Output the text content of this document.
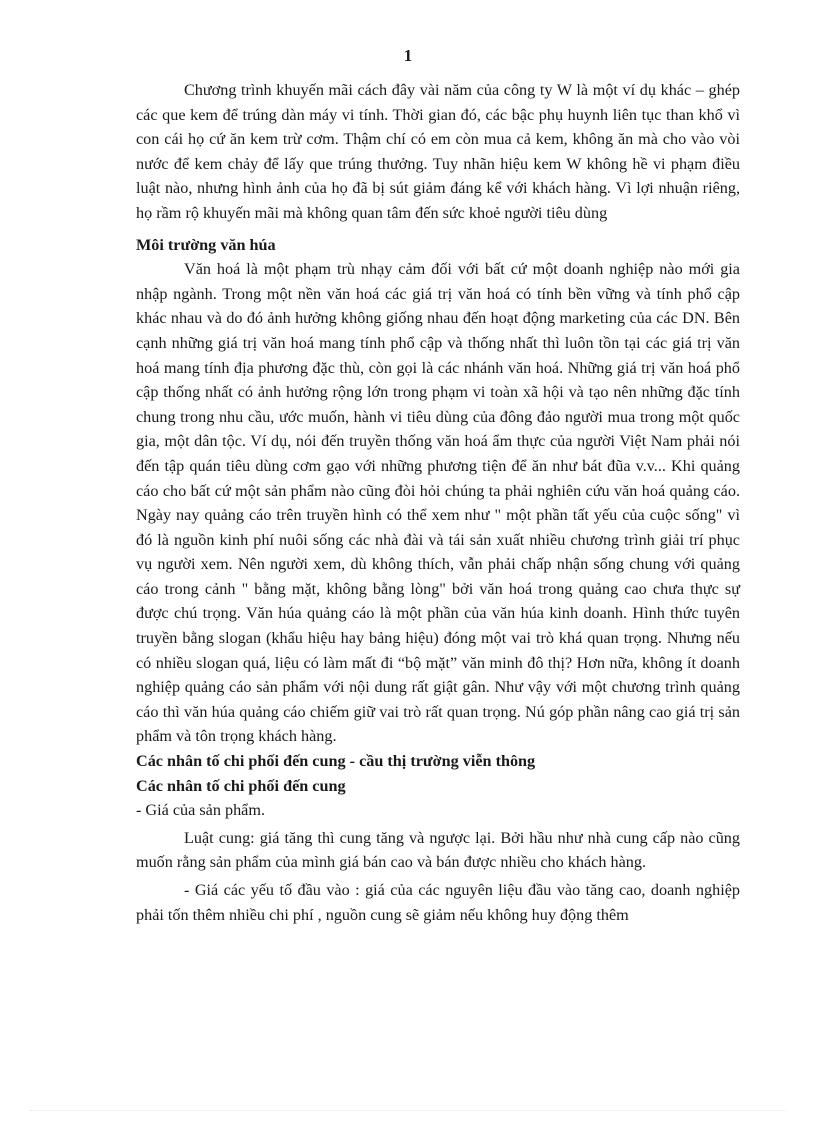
1

Chương trình khuyến mãi cách đây vài năm của công ty W là một ví dụ khác – ghép các que kem để trúng dàn máy vi tính. Thời gian đó, các bậc phụ huynh liên tục than khổ vì con cái họ cứ ăn kem trừ cơm. Thậm chí có em còn mua cả kem, không ăn mà cho vào vòi nước để kem chảy để lấy que trúng thưởng. Tuy nhãn hiệu kem W không hề vi phạm điều luật nào, nhưng hình ảnh của họ đã bị sút giảm đáng kể với khách hàng. Vì lợi nhuận riêng, họ rầm rộ khuyến mãi mà không quan tâm đến sức khoẻ người tiêu dùng

Môi trường văn húa

Văn hoá là một phạm trù nhạy cảm đối với bất cứ một doanh nghiệp nào mới gia nhập ngành. Trong một nền văn hoá các giá trị văn hoá có tính bền vững và tính phổ cập khác nhau và do đó ảnh hưởng không giống nhau đến hoạt động marketing của các DN. Bên cạnh những giá trị văn hoá mang tính phổ cập và thống nhất thì luôn tồn tại các giá trị văn hoá mang tính địa phương đặc thù, còn gọi là các nhánh văn hoá. Những giá trị văn hoá phổ cập thống nhất có ảnh hưởng rộng lớn trong phạm vi toàn xã hội và tạo nên những đặc tính chung trong nhu cầu, ước muốn, hành vi tiêu dùng của đông đảo người mua trong một quốc gia, một dân tộc. Ví dụ, nói đến truyền thống văn hoá ẩm thực của người Việt Nam phải nói đến tập quán tiêu dùng cơm gạo với những phương tiện để ăn như bát đũa v.v... Khi quảng cáo cho bất cứ một sản phẩm nào cũng đòi hỏi chúng ta phải nghiên cứu văn hoá quảng cáo. Ngày nay quảng cáo trên truyền hình có thể xem như " một phần tất yếu của cuộc sống" vì đó là nguồn kinh phí nuôi sống các nhà đài và tái sản xuất nhiều chương trình giải trí phục vụ người xem. Nên người xem, dù không thích, vẫn phải chấp nhận sống chung với quảng cáo trong cảnh " bằng mặt, không bằng lòng" bởi văn hoá trong quảng cao chưa thực sự được chú trọng. Văn húa quảng cáo là một phần của văn húa kinh doanh. Hình thức tuyên truyền bằng slogan (khẩu hiệu hay bảng hiệu) đóng một vai trò khá quan trọng. Nhưng nếu có nhiều slogan quá, liệu có làm mất đi “bộ mặt” văn minh đô thị? Hơn nữa, không ít doanh nghiệp quảng cáo sản phẩm với nội dung rất giật gân. Như vậy với một chương trình quảng cáo thì văn húa quảng cáo chiếm giữ vai trò rất quan trọng. Nú góp phần nâng cao giá trị sản phẩm và tôn trọng khách hàng.

Các nhân tố chi phối đến cung - cầu thị trường viễn thông
Các nhân tố chi phối đến cung

- Giá của sản phẩm.

Luật cung: giá tăng thì cung tăng và ngược lại. Bởi hầu như nhà cung cấp nào cũng muốn rằng sản phẩm của mình giá bán cao và bán được nhiều cho khách hàng.

- Giá các yếu tố đầu vào : giá của các nguyên liệu đầu vào tăng cao, doanh nghiệp phải tốn thêm nhiều chi phí , nguồn cung sẽ giảm nếu không huy động thêm
